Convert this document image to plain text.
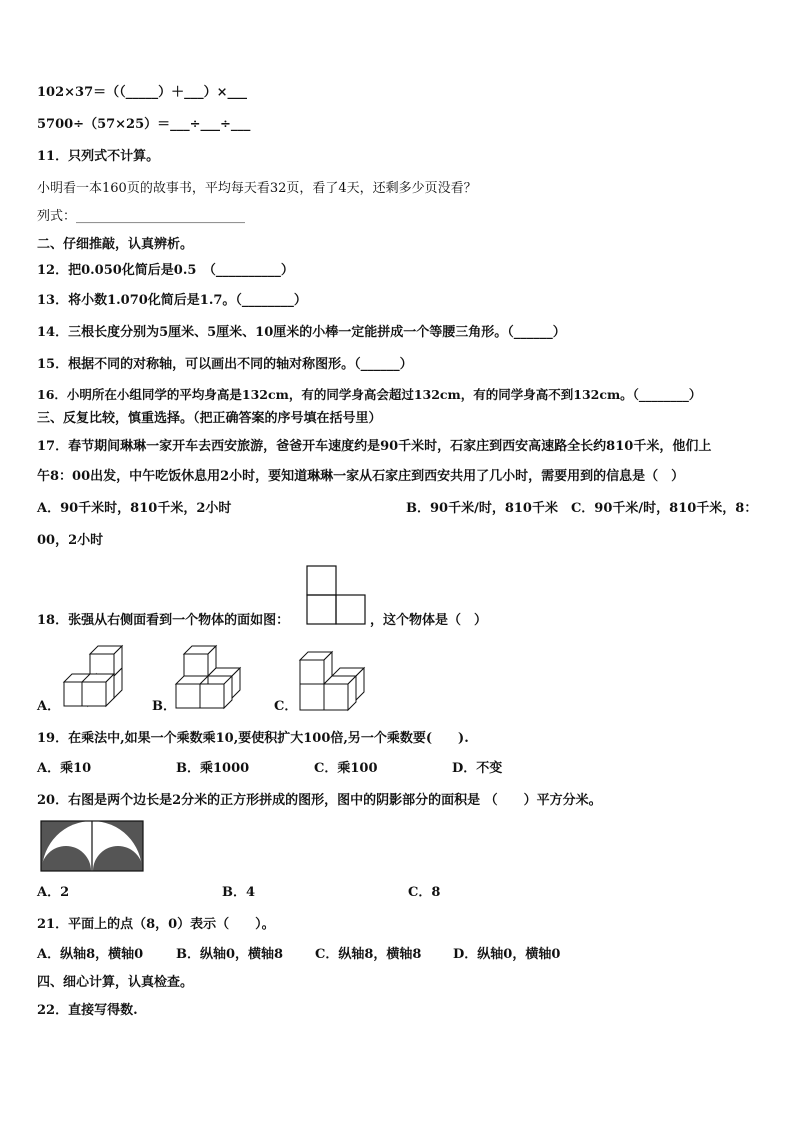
102×37＝（（_____）＋___）×___
5700÷（57×25）＝___÷___÷___
11．只列式不计算。
小明看一本160页的故事书，平均每天看32页，看了4天，还剩多少页没看？
列式：__________________________
二、仔细推敲，认真辨析。
12．把0.050化简后是0.5　（__________）
13．将小数1.070化简后是1.7。（________）
14．三根长度分别为5厘米、5厘米、10厘米的小棒一定能拼成一个等腰三角形。（______）
15．根据不同的对称轴，可以画出不同的轴对称图形。（______）
16．小明所在小组同学的平均身高是132cm，有的同学身高会超过132cm，有的同学身高不到132cm。（________）
三、反复比较，慎重选择。（把正确答案的序号填在括号里）
17．春节期间琳琳一家开车去西安旅游，爸爸开车速度约是90千米时，石家庄到西安高速路全长约810千米，他们上
午8：00出发，中午吃饭休息用2小时，要知道琳琳一家从石家庄到西安共用了几小时，需要用到的信息是（　）
A．90千米时，810千米，2小时	B．90千米/时，810千米　C．90千米/时，810千米，8：
00，2小时
18．张强从右侧面看到一个物体的面如图：	，这个物体是（　）
A．	B．	C．
19．在乘法中,如果一个乘数乘10,要使积扩大100倍,另一个乘数要(　　).
A．乘10	B．乘1000	C．乘100	D．不变
20．右图是两个边长是2分米的正方形拼成的图形，图中的阴影部分的面积是 （　　）平方分米。
A．2	B．4	C．8
21．平面上的点（8，0）表示（　　）。
A．纵轴8，横轴0	B．纵轴0，横轴8 C．纵轴8，横轴8 D．纵轴0，横轴0
四、细心计算，认真检查。
22．直接写得数.
